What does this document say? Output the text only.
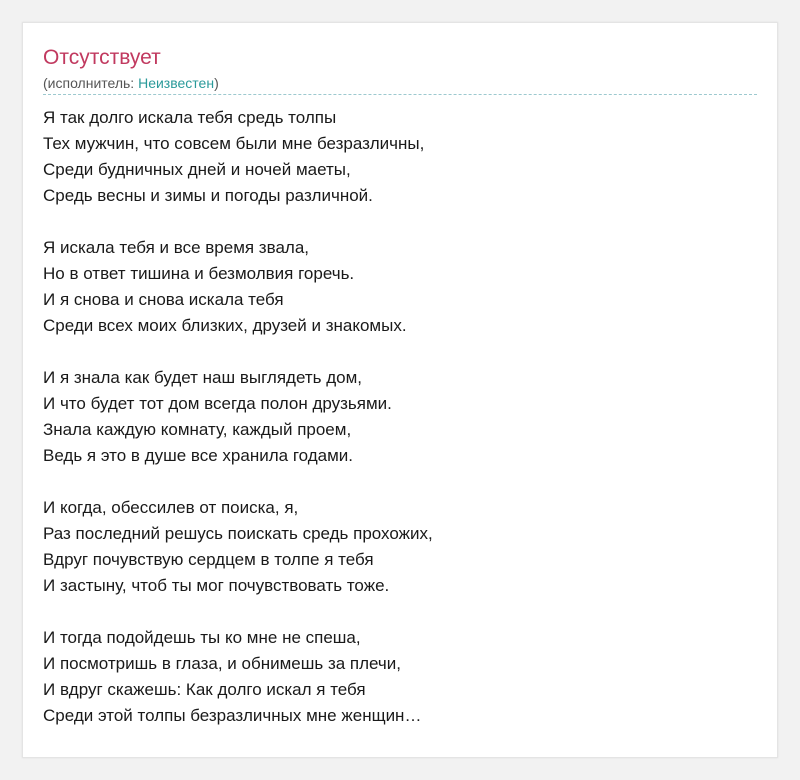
Отсутствует
(исполнитель: Неизвестен)
Я так долго искала тебя средь толпы
Тех мужчин, что совсем были мне безразличны,
Среди будничных дней и ночей маеты,
Средь весны и зимы и погоды различной.
Я искала тебя и все время звала,
Но в ответ тишина и безмолвия горечь.
И я снова и снова искала тебя
Среди всех моих близких, друзей и знакомых.
И я знала как будет наш выглядеть дом,
И что будет тот дом всегда полон друзьями.
Знала каждую комнату, каждый проем,
Ведь я это в душе все хранила годами.
И когда, обессилев от поиска, я,
Раз последний решусь поискать средь прохожих,
Вдруг почувствую сердцем в толпе я тебя
И застыну, чтоб ты мог почувствовать тоже.
И тогда подойдешь ты ко мне не спеша,
И посмотришь в глаза, и обнимешь за плечи,
И вдруг скажешь: Как долго искал я тебя
Среди этой толпы безразличных мне женщин…
